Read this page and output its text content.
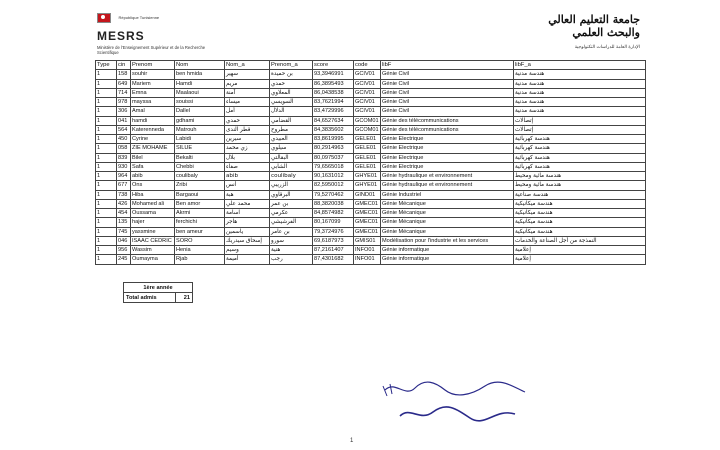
République Tunisienne
MESRS
Ministère de l'Enseignement Supérieur et de la Recherche Scientifique
جامعة التعليم العالي والبحث العلمي
الإدارة العامة للدراسات التكنولوجية
Type	cin	Prenom	Nom	Nom_a	Prenom_a	score	code	libF	libF_a
1	158	souhir	ben hmida	سهير	بن حميدة	93,3946991	GCIV01	Génie Civil	هندسة مدنية
1	649	Mariem	Hamdi	مريم	حمدي	86,3895493	GCIV01	Génie Civil	هندسة مدنية
1	714	Emna	Maalaoui	آمنة	المعلاوي	86,0438538	GCIV01	Génie Civil	هندسة مدنية
1	978	mayssa	souissi	ميساء	السويسي	83,7621994	GCIV01	Génie Civil	هندسة مدنية
1	306	Amal	Dallel	أمل	الدلال	83,4729996	GCIV01	Génie Civil	هندسة مدنية
1	041	hamdi	gdhami	حمدي	القضامي	84,6527634	GCOM01	Génie des télécommunications	إتصالات
1	564	Katerenneda	Matrouh	قطر الندى	مطروح	84,3835602	GCOM01	Génie des télécommunications	إتصالات
1	450	Cyrine	Labidi	سيرين	العبيدي	83,8619995	GELE01	Génie Electrique	هندسة كهربائية
1	058	ZIE MOHAME	SILUE	زي محمد	سيلوي	80,2914963	GELE01	Génie Electrique	هندسة كهربائية
1	839	Bilel	Bekalti	بلال	البقالتي	80,0975037	GELE01	Génie Electrique	هندسة كهربائية
1	930	Safa	Chebbi	صفاء	الشابي	79,6565018	GELE01	Génie Electrique	هندسة كهربائية
1	964	abib	coulibaly	abib	coulibaly	90,1631012	GHYE01	Génie hydraulique et environnement	هندسة مائية ومحيط
1	677	Ons	Zribi	أنس	الزريبي	82,5950012	GHYE01	Génie hydraulique et environnement	هندسة مائية ومحيط
1	738	Hiba	Bargaoui	هبة	البرقاوي	79,5270462	GIND01	Génie Industriel	هندسة صناعية
1	426	Mohamed ali	Ben amor	محمد علي	بن عمر	88,3820038	GMEC01	Génie Mécanique	هندسة ميكانيكية
1	454	Oussama	Akrmi	اسامة	عكرمي	84,8574982	GMEC01	Génie Mécanique	هندسة ميكانيكية
1	135	hajer	ferchichi	هاجر	الفرشيشي	80,167099	GMEC01	Génie Mécanique	هندسة ميكانيكية
1	745	yassmine	ben ameur	ياسمين	بن عامر	79,3724976	GMEC01	Génie Mécanique	هندسة ميكانيكية
1	046	ISAAC CEDRIC	SORO	إسحاق سيدريك	سورو	69,6187973	GMIS01	Modélisation pour l'industrie et les services	النمذجة من أجل الصناعة والخدمات
1	956	Wassim	Henia	وسيم	هنية	87,2161407	INFO01	Génie informatique	إعلامية
1	245	Oumayma	Rjab	أميمة	رجب	87,4301682	INFO01	Génie informatique	إعلامية
1ère année
Total admis	21
1
